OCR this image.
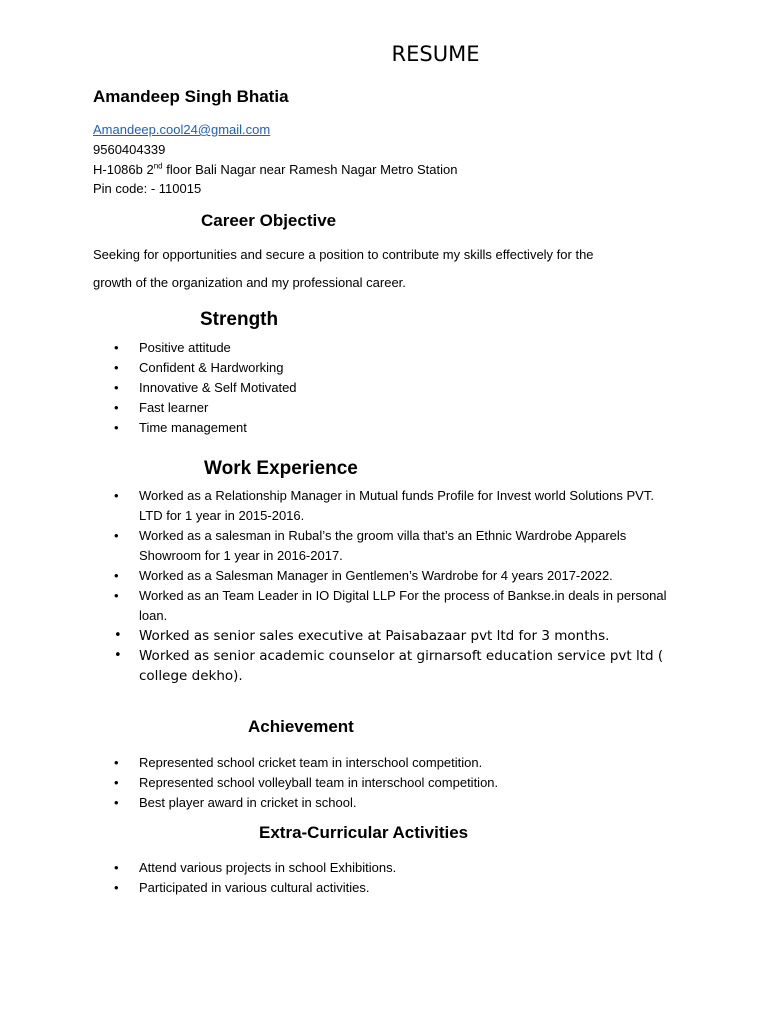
RESUME
Amandeep Singh Bhatia
Amandeep.cool24@gmail.com
9560404339
H-1086b 2nd floor Bali Nagar near Ramesh Nagar Metro Station
Pin code: - 110015
Career Objective
Seeking for opportunities and secure a position to contribute my skills effectively for the
growth of the organization and my professional career.
Strength
• Positive attitude
• Confident & Hardworking
• Innovative & Self Motivated
• Fast learner
• Time management
Work Experience
• Worked as a Relationship Manager in Mutual funds Profile for Invest world Solutions PVT. LTD for 1 year in 2015-2016.
• Worked as a salesman in Rubal’s the groom villa that’s an Ethnic Wardrobe Apparels Showroom for 1 year in 2016-2017.
• Worked as a Salesman Manager in Gentlemen’s Wardrobe for 4 years 2017-2022.
• Worked as an Team Leader in IO Digital LLP For the process of Bankse.in deals in personal loan.
• Worked as senior sales executive at Paisabazaar pvt ltd for 3 months.
• Worked as senior academic counselor at girnarsoft education service pvt ltd ( college dekho).
Achievement
• Represented school cricket team in interschool competition.
• Represented school volleyball team in interschool competition.
• Best player award in cricket in school.
Extra-Curricular Activities
• Attend various projects in school Exhibitions.
• Participated in various cultural activities.
